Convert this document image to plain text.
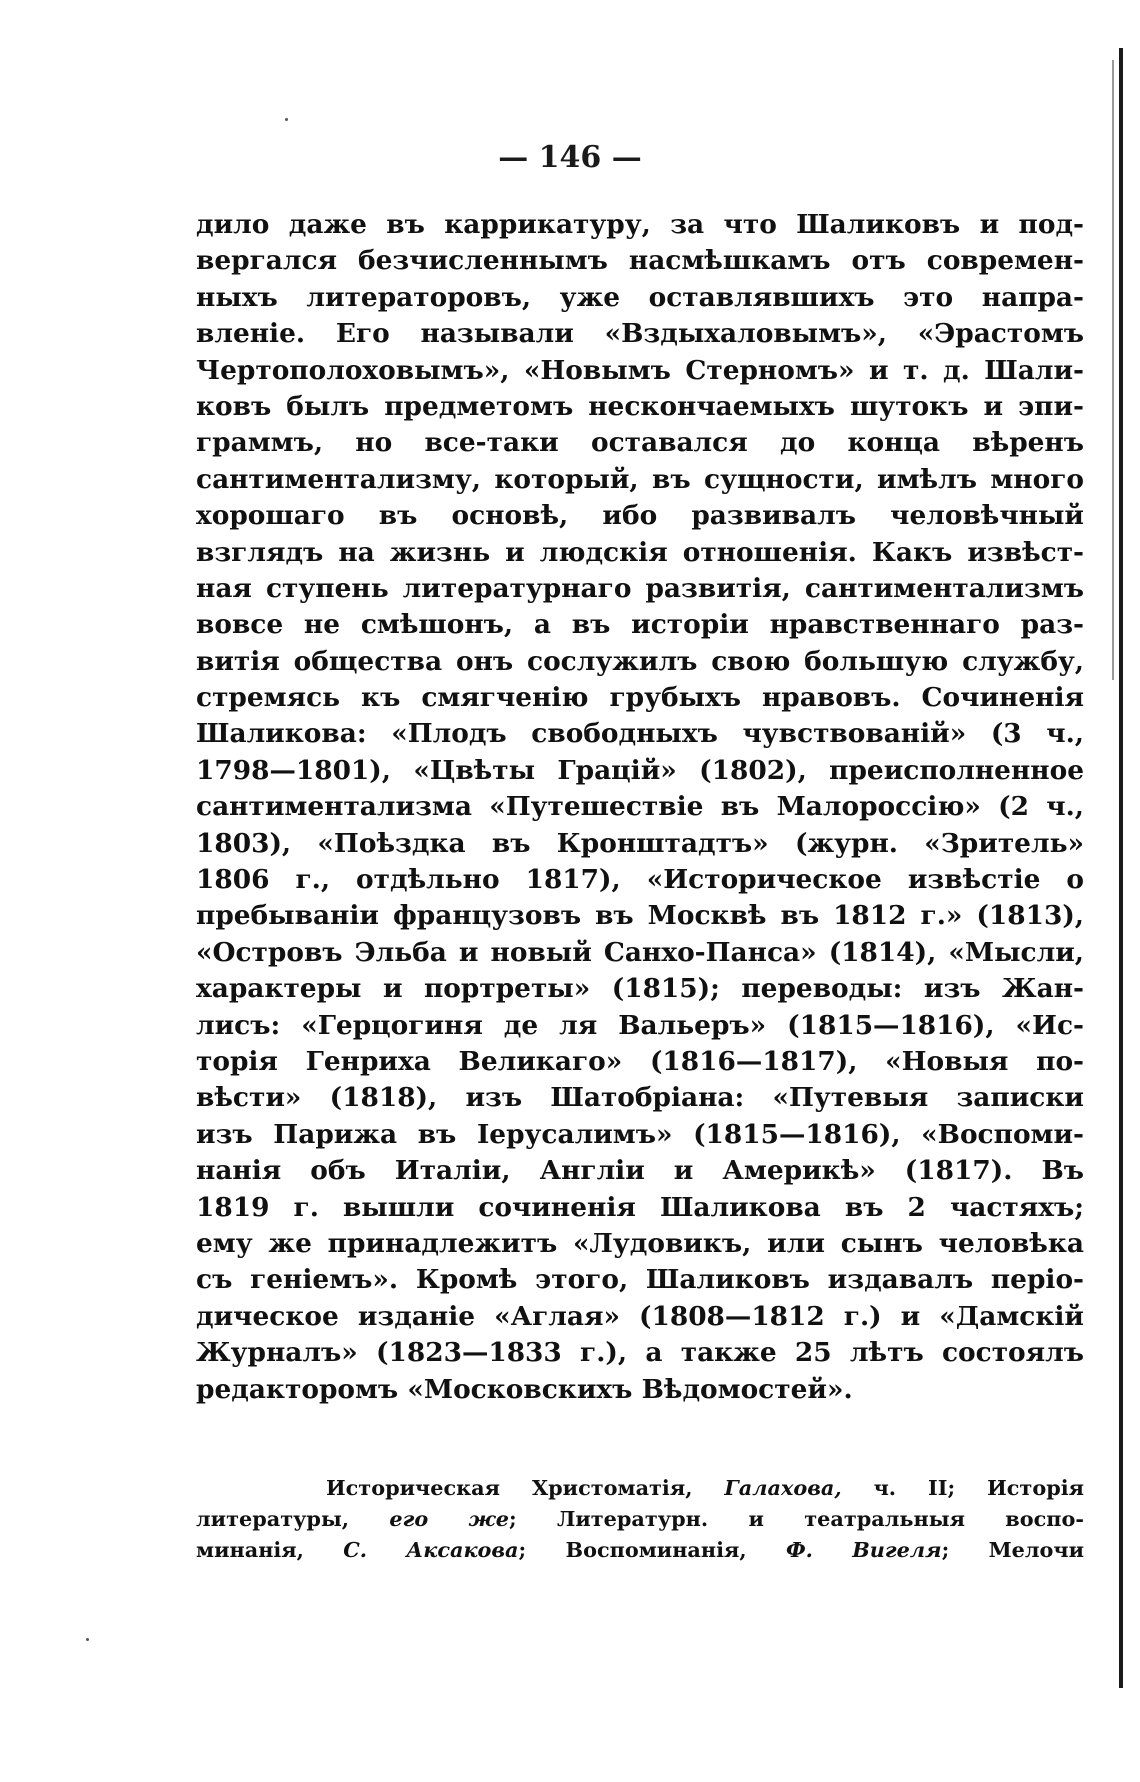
— 146 —
дило даже въ каррикатуру, за что Шаликовъ и под-
вергался безчисленнымъ насмѣшкамъ отъ современ-
ныхъ литераторовъ, уже оставлявшихъ это напра-
вленіе. Его называли «Вздыхаловымъ», «Эрастомъ
Чертополоховымъ», «Новымъ Стерномъ» и т. д. Шали-
ковъ былъ предметомъ нескончаемыхъ шутокъ и эпи-
граммъ, но все-таки оставался до конца вѣренъ
сантиментализму, который, въ сущности, имѣлъ много
хорошаго въ основѣ, ибо развивалъ человѣчный
взглядъ на жизнь и людскія отношенія. Какъ извѣст-
ная ступень литературнаго развитія, сантиментализмъ
вовсе не смѣшонъ, а въ исторіи нравственнаго раз-
витія общества онъ сослужилъ свою большую службу,
стремясь къ смягченію грубыхъ нравовъ. Сочиненія
Шаликова: «Плодъ свободныхъ чувствованій» (3 ч.,
1798—1801), «Цвѣты Грацій» (1802), преисполненное
сантиментализма «Путешествіе въ Малороссію» (2 ч.,
1803), «Поѣздка въ Кронштадтъ» (журн. «Зритель»
1806 г., отдѣльно 1817), «Историческое извѣстіе о
пребываніи французовъ въ Москвѣ въ 1812 г.» (1813),
«Островъ Эльба и новый Санхо-Панса» (1814), «Мысли,
характеры и портреты» (1815); переводы: изъ Жан-
лисъ: «Герцогиня де ля Вальеръ» (1815—1816), «Ис-
торія Генриха Великаго» (1816—1817), «Новыя по-
вѣсти» (1818), изъ Шатобріана: «Путевыя записки
изъ Парижа въ Іерусалимъ» (1815—1816), «Воспоми-
нанія объ Италіи, Англіи и Америкѣ» (1817). Въ
1819 г. вышли сочиненія Шаликова въ 2 частяхъ;
ему же принадлежитъ «Лудовикъ, или сынъ человѣка
съ геніемъ». Кромѣ этого, Шаликовъ издавалъ періо-
дическое изданіе «Аглая» (1808—1812 г.) и «Дамскій
Журналъ» (1823—1833 г.), а также 25 лѣтъ состоялъ
редакторомъ «Московскихъ Вѣдомостей».
Историческая Христоматія, Галахова, ч. II; Исторія
литературы, его же; Литературн. и театральныя воспо-
минанія, С. Аксакова; Воспоминанія, Ф. Вигеля; Мелочи
